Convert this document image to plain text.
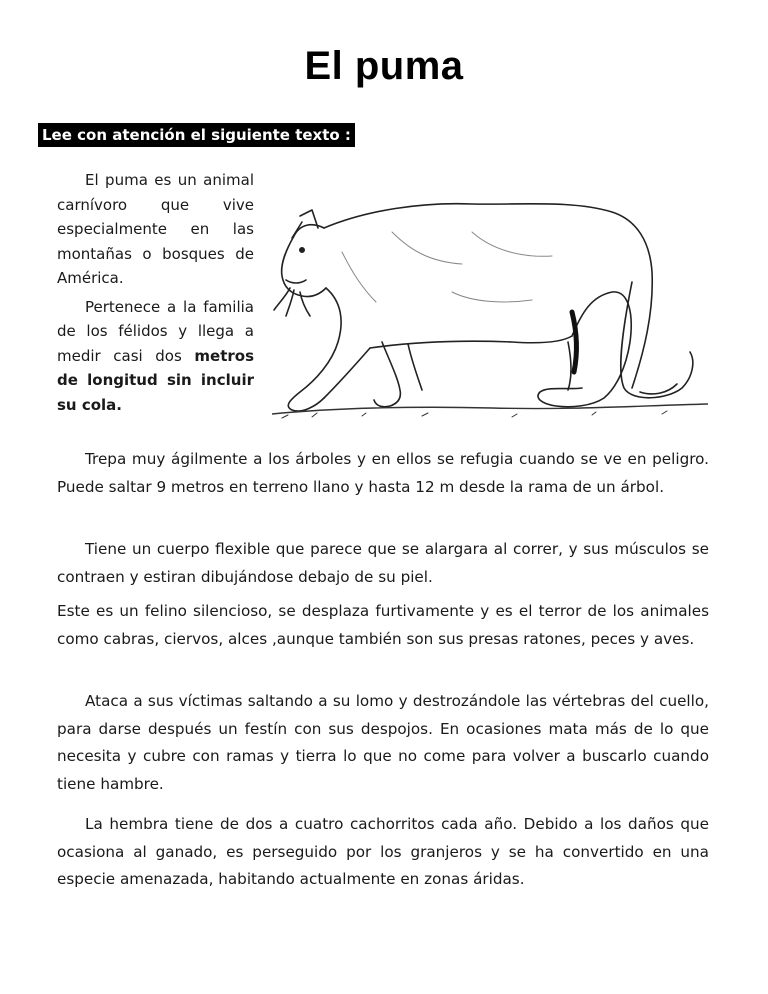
El puma
Lee con atención el siguiente texto :

El puma es un animal carnívoro que vive especialmente en las montañas o bosques de América.

Pertenece a la familia de los félidos y llega a medir casi dos metros de longitud sin incluir su cola.

Trepa muy ágilmente a los árboles y en ellos se refugia cuando se ve en peligro. Puede saltar 9 metros en terreno llano y hasta 12 m desde la rama de un árbol.

Tiene un cuerpo flexible que parece que se alargara al correr, y sus músculos se contraen y estiran dibujándose debajo de su piel.

Este es un felino silencioso, se desplaza furtivamente y es el terror de los animales como cabras, ciervos, alces ,aunque también son sus presas ratones, peces y aves.

Ataca a sus víctimas saltando a su lomo y destrozándole las vértebras del cuello, para darse después un festín con sus despojos. En ocasiones mata más de lo que necesita y cubre con ramas y tierra lo que no come para volver a buscarlo cuando tiene hambre.

La hembra tiene de dos a cuatro cachorritos cada año. Debido a los daños que ocasiona al ganado, es perseguido por los granjeros y se ha convertido en una especie amenazada, habitando actualmente en zonas áridas.
